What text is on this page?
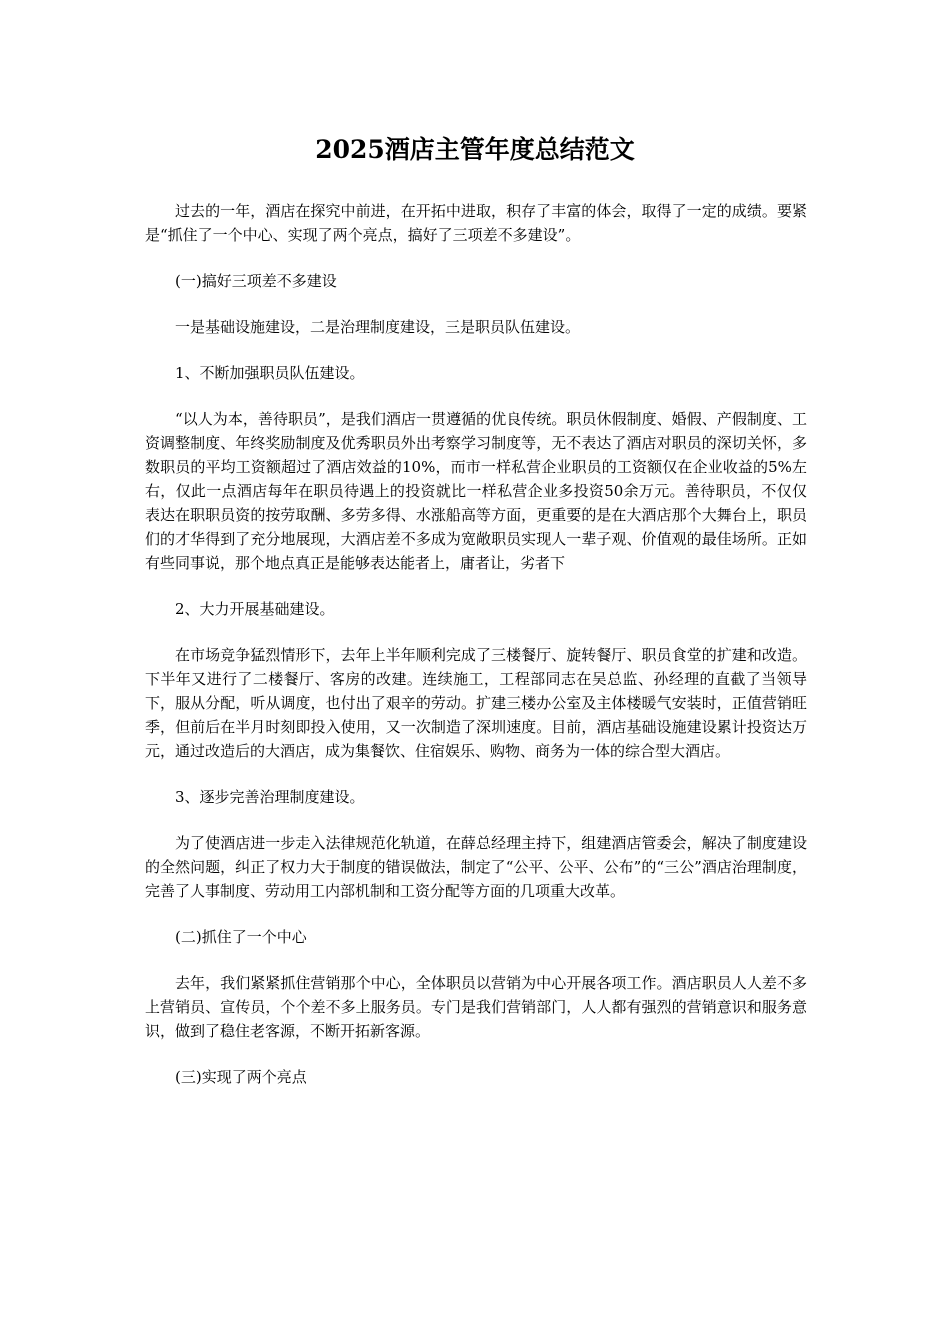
2025酒店主管年度总结范文

过去的一年，酒店在探究中前进，在开拓中进取，积存了丰富的体会，取得了一定的成绩。要紧是“抓住了一个中心、实现了两个亮点，搞好了三项差不多建设”。

(一)搞好三项差不多建设

一是基础设施建设，二是治理制度建设，三是职员队伍建设。

1、不断加强职员队伍建设。

“以人为本，善待职员”，是我们酒店一贯遵循的优良传统。职员休假制度、婚假、产假制度、工资调整制度、年终奖励制度及优秀职员外出考察学习制度等，无不表达了酒店对职员的深切关怀，多数职员的平均工资额超过了酒店效益的10%，而市一样私营企业职员的工资额仅在企业收益的5%左右，仅此一点酒店每年在职员待遇上的投资就比一样私营企业多投资50余万元。善待职员，不仅仅表达在职职员资的按劳取酬、多劳多得、水涨船高等方面，更重要的是在大酒店那个大舞台上，职员们的才华得到了充分地展现，大酒店差不多成为宽敞职员实现人一辈子观、价值观的最佳场所。正如有些同事说，那个地点真正是能够表达能者上，庸者让，劣者下

2、大力开展基础建设。

在市场竞争猛烈情形下，去年上半年顺利完成了三楼餐厅、旋转餐厅、职员食堂的扩建和改造。下半年又进行了二楼餐厅、客房的改建。连续施工，工程部同志在吴总监、孙经理的直截了当领导下，服从分配，听从调度，也付出了艰辛的劳动。扩建三楼办公室及主体楼暖气安装时，正值营销旺季，但前后在半月时刻即投入使用，又一次制造了深圳速度。目前，酒店基础设施建设累计投资达万元，通过改造后的大酒店，成为集餐饮、住宿娱乐、购物、商务为一体的综合型大酒店。

3、逐步完善治理制度建设。

为了使酒店进一步走入法律规范化轨道，在薛总经理主持下，组建酒店管委会，解决了制度建设的全然问题，纠正了权力大于制度的错误做法，制定了“公平、公平、公布”的“三公”酒店治理制度，完善了人事制度、劳动用工内部机制和工资分配等方面的几项重大改革。

(二)抓住了一个中心

去年，我们紧紧抓住营销那个中心，全体职员以营销为中心开展各项工作。酒店职员人人差不多上营销员、宣传员，个个差不多上服务员。专门是我们营销部门，人人都有强烈的营销意识和服务意识，做到了稳住老客源，不断开拓新客源。

(三)实现了两个亮点
